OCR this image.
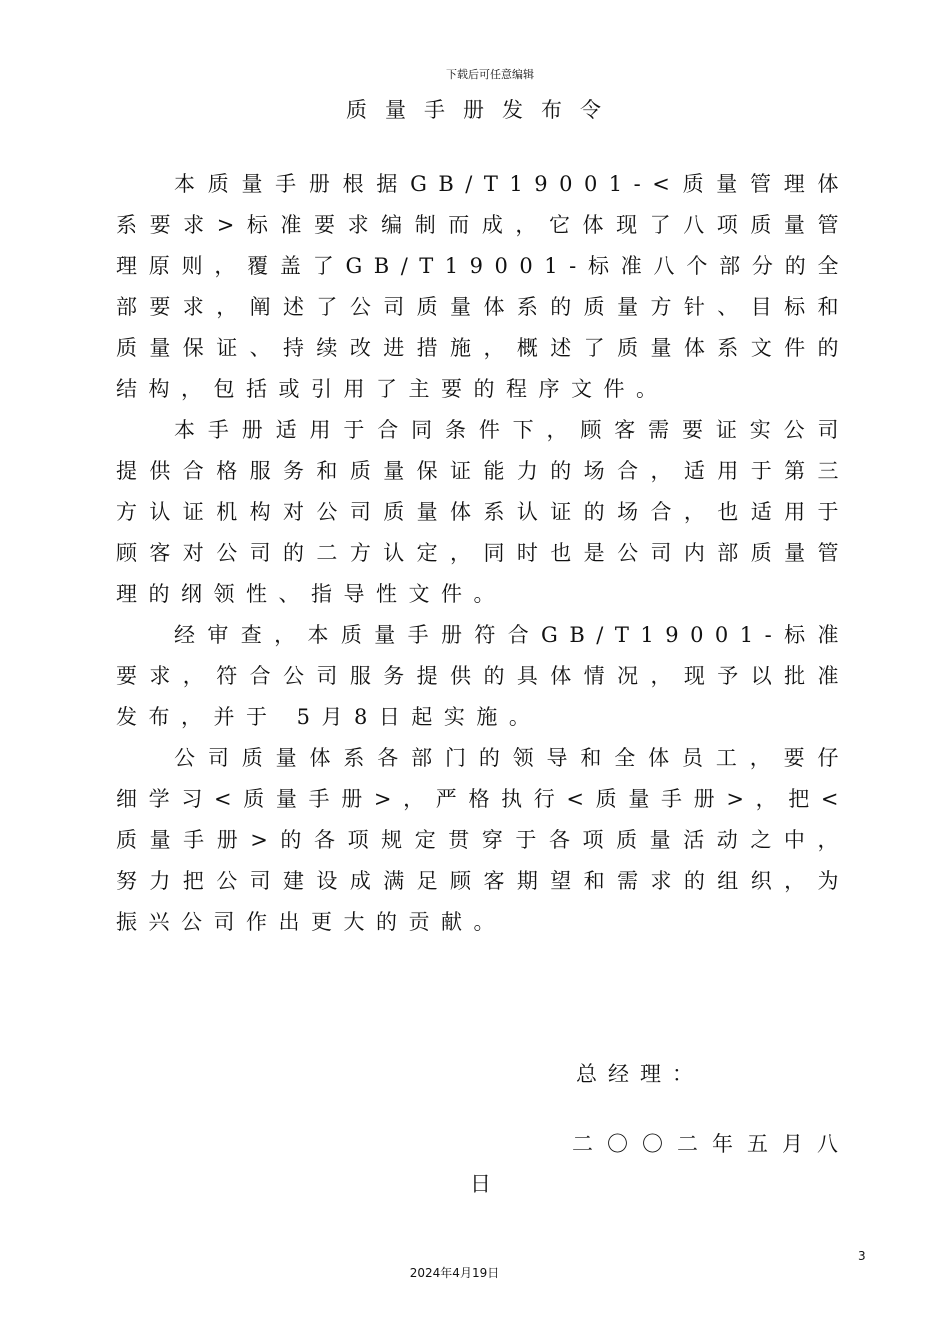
下载后可任意编辑
质量手册发布令

本质量手册根据GB/T19001-<质量管理体系要求>标准要求编制而成，它体现了八项质量管理原则，覆盖了GB/T19001-标准八个部分的全部要求，阐述了公司质量体系的质量方针、目标和质量保证、持续改进措施，概述了质量体系文件的结构，包括或引用了主要的程序文件。

本手册适用于合同条件下，顾客需要证实公司提供合格服务和质量保证能力的场合，适用于第三方认证机构对公司质量体系认证的场合，也适用于顾客对公司的二方认定，同时也是公司内部质量管理的纲领性、指导性文件。

经审查，本质量手册符合GB/T19001-标准要求，符合公司服务提供的具体情况，现予以批准发布，并于 5月8日起实施。

公司质量体系各部门的领导和全体员工，要仔细学习<质量手册>，严格执行<质量手册>，把<质量手册>的各项规定贯穿于各项质量活动之中，努力把公司建设成满足顾客期望和需求的组织，为振兴公司作出更大的贡献。

总经理：
二〇〇二年五月八
日
3
2024年4月19日
